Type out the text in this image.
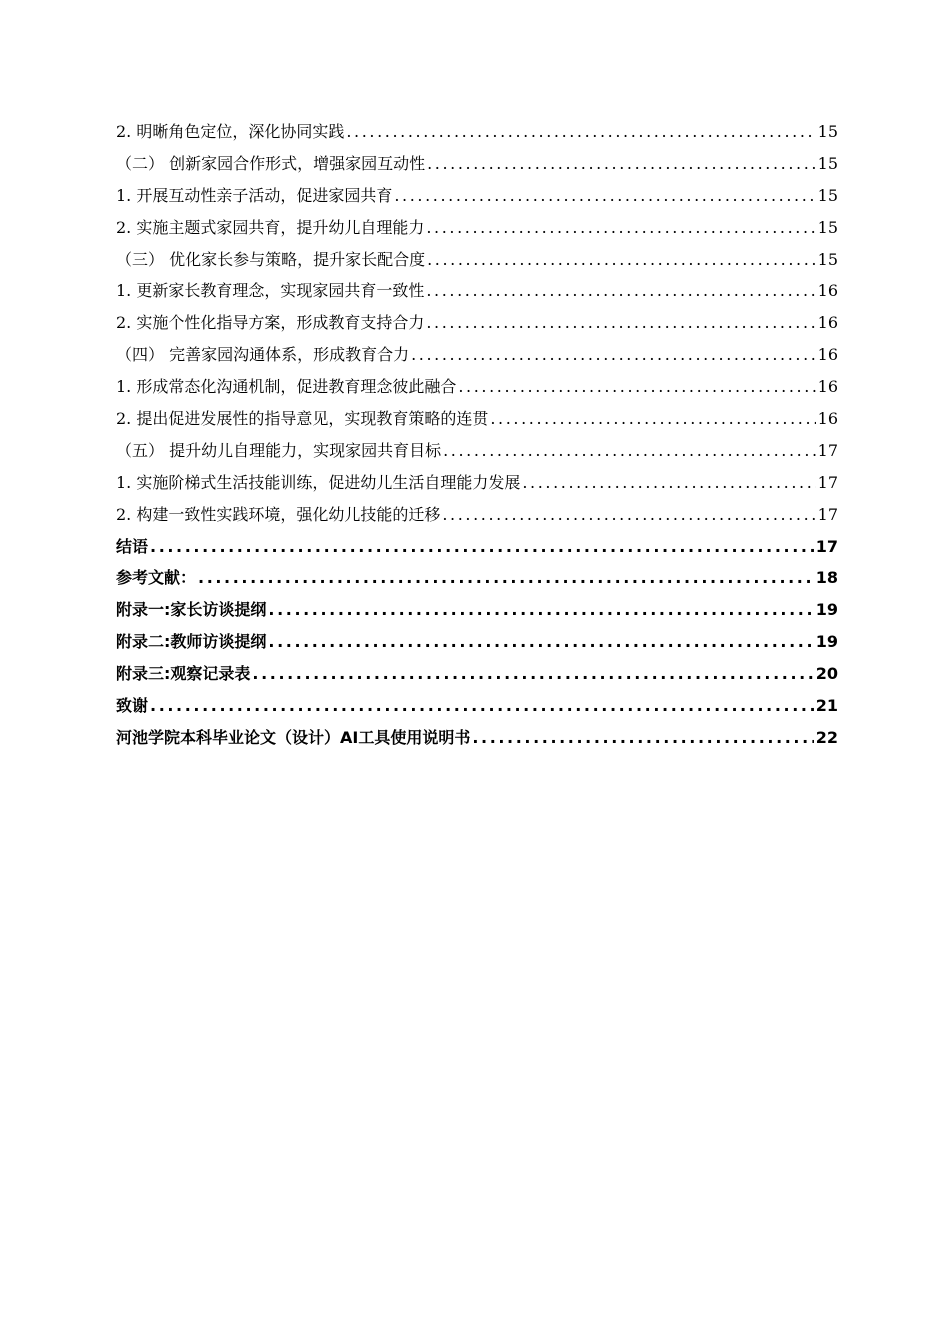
2. 明晰角色定位，深化协同实践 .....	15
（二） 创新家园合作形式，增强家园互动性 .....	15
1. 开展互动性亲子活动，促进家园共育 .....	15
2. 实施主题式家园共育，提升幼儿自理能力 .....	15
（三） 优化家长参与策略，提升家长配合度 .....	15
1. 更新家长教育理念，实现家园共育一致性 .....	16
2. 实施个性化指导方案，形成教育支持合力 .....	16
（四） 完善家园沟通体系，形成教育合力 .....	16
1. 形成常态化沟通机制，促进教育理念彼此融合 .....	16
2. 提出促进发展性的指导意见，实现教育策略的连贯 .....	16
（五） 提升幼儿自理能力，实现家园共育目标 .....	17
1. 实施阶梯式生活技能训练，促进幼儿生活自理能力发展 .....	17
2. 构建一致性实践环境，强化幼儿技能的迁移 .....	17
结语 .....	17
参考文献： .....	18
附录一:家长访谈提纲 .....	19
附录二:教师访谈提纲 .....	19
附录三:观察记录表 .....	20
致谢 .....	21
河池学院本科毕业论文（设计）AI工具使用说明书 .....	22
